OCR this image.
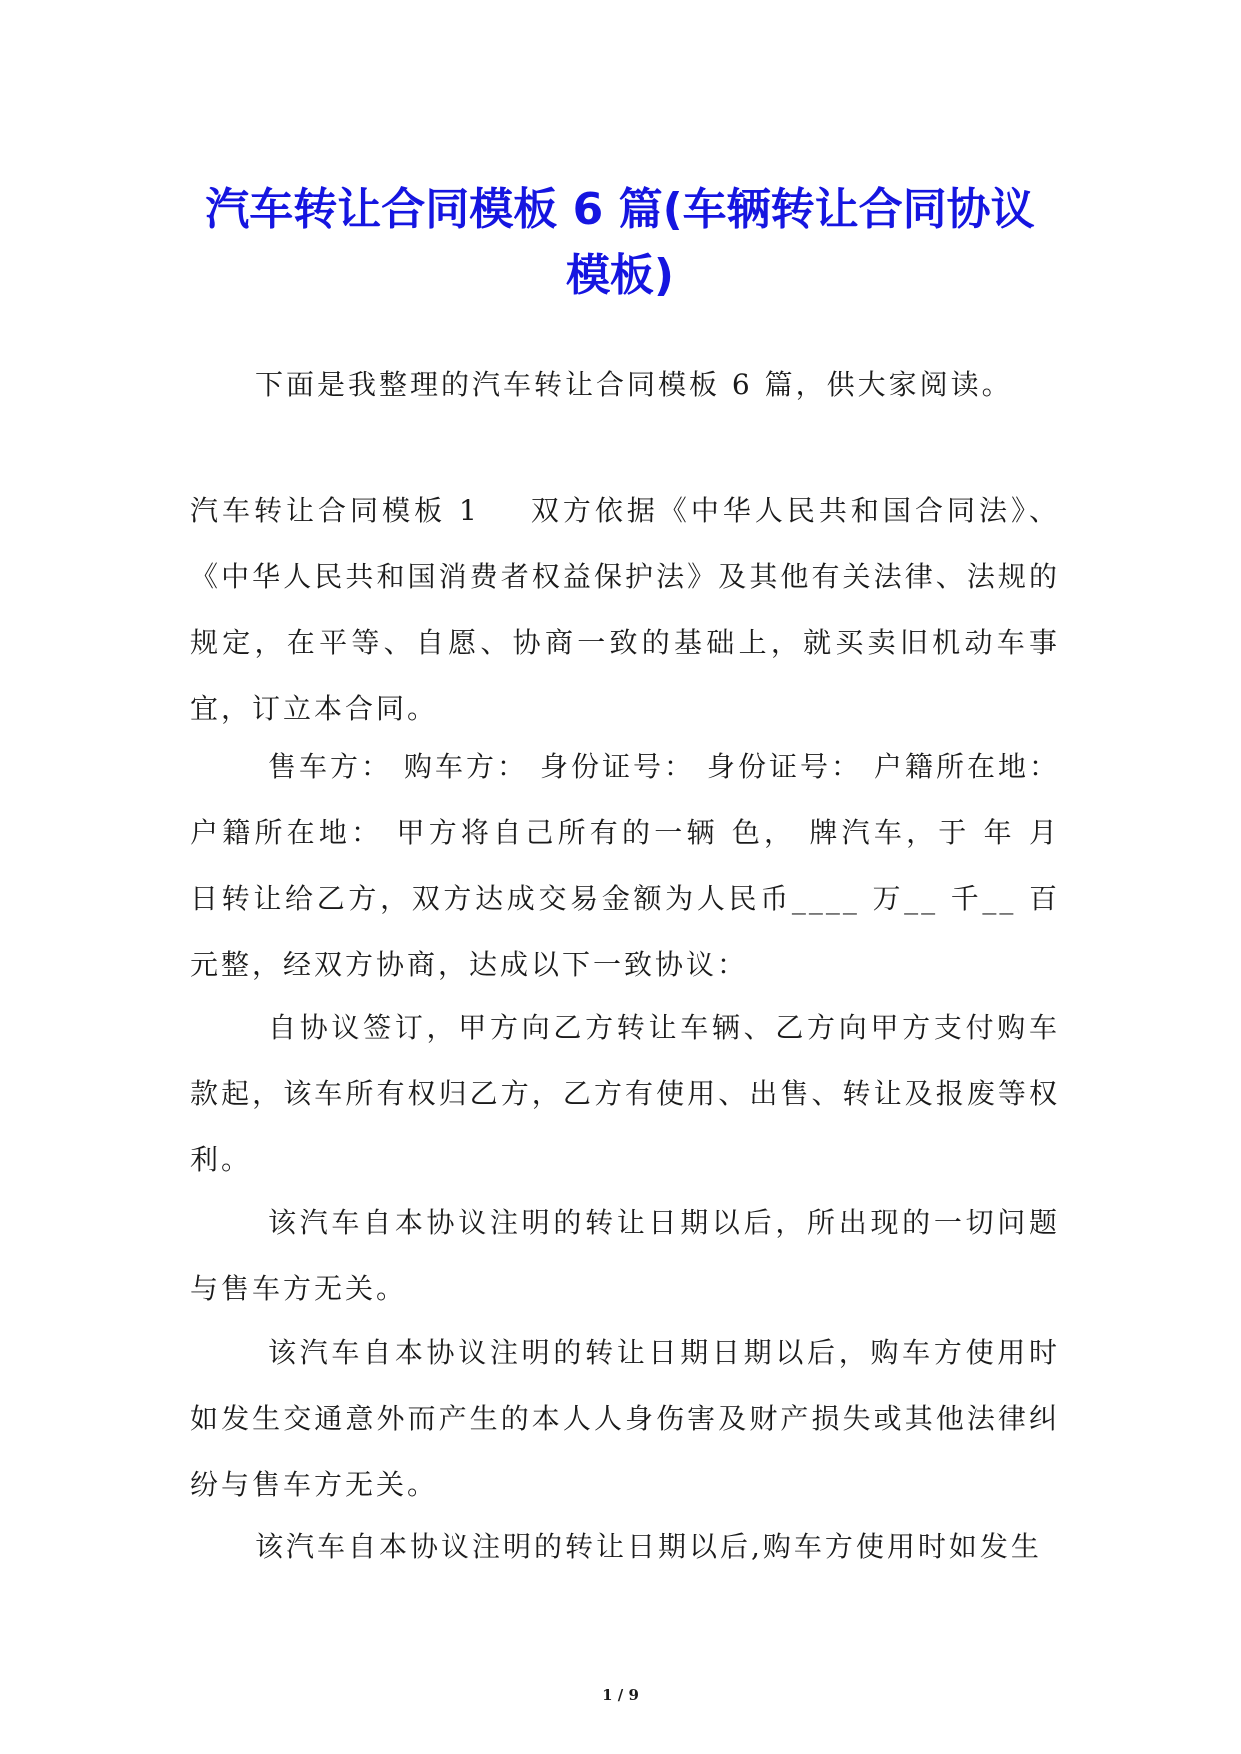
汽车转让合同模板 6 篇(车辆转让合同协议
模板)

下面是我整理的汽车转让合同模板 6 篇，供大家阅读。

汽车转让合同模板 1 双方依据《中华人民共和国合同法》、《中华人民共和国消费者权益保护法》及其他有关法律、法规的规定，在平等、自愿、协商一致的基础上，就买卖旧机动车事宜，订立本合同。

售车方： 购车方： 身份证号： 身份证号： 户籍所在地：户籍所在地： 甲方将自己所有的一辆 色， 牌汽车，于 年 月 日转让给乙方，双方达成交易金额为人民币____ 万__ 千__ 百元整，经双方协商，达成以下一致协议：

自协议签订，甲方向乙方转让车辆、乙方向甲方支付购车款起，该车所有权归乙方，乙方有使用、出售、转让及报废等权利。

该汽车自本协议注明的转让日期以后，所出现的一切问题与售车方无关。

该汽车自本协议注明的转让日期日期以后，购车方使用时如发生交通意外而产生的本人人身伤害及财产损失或其他法律纠纷与售车方无关。

该汽车自本协议注明的转让日期以后,购车方使用时如发生

1 / 9
